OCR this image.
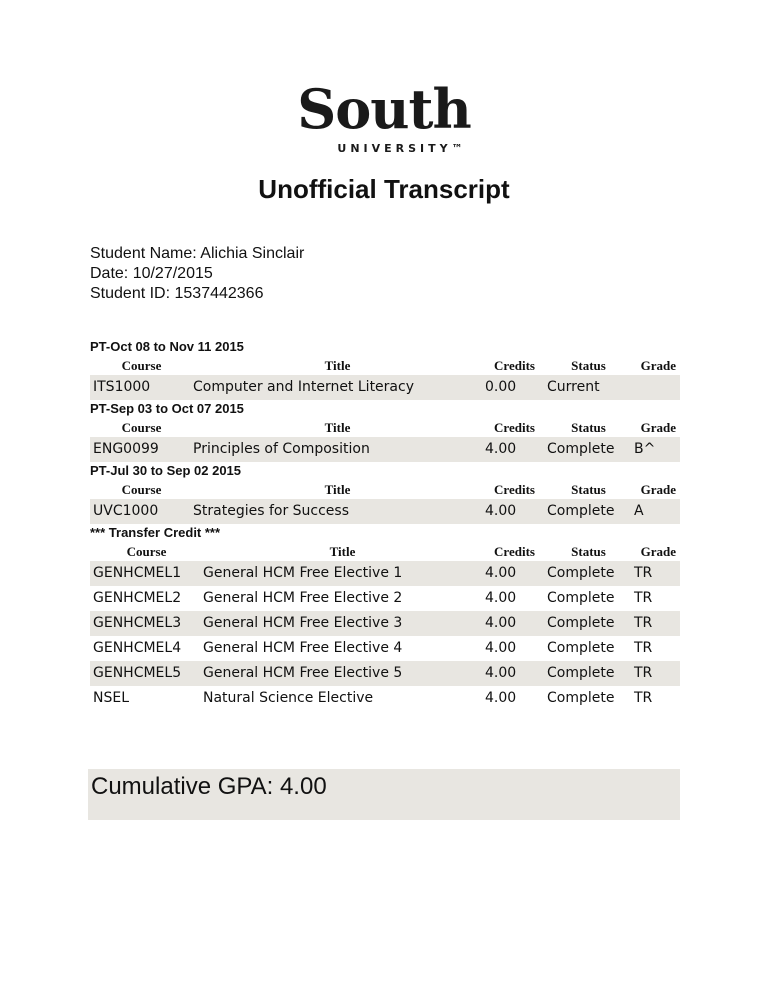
South
UNIVERSITY™
Unofficial Transcript
Student Name: Alichia Sinclair
Date: 10/27/2015
Student ID: 1537442366
PT-Oct 08 to Nov 11 2015
Course	Title	Credits	Status	Grade
ITS1000	Computer and Internet Literacy	0.00	Current
PT-Sep 03 to Oct 07 2015
Course	Title	Credits	Status	Grade
ENG0099	Principles of Composition	4.00	Complete	B^
PT-Jul 30 to Sep 02 2015
Course	Title	Credits	Status	Grade
UVC1000	Strategies for Success	4.00	Complete	A
*** Transfer Credit ***
Course	Title	Credits	Status	Grade
GENHCMEL1	General HCM Free Elective 1	4.00	Complete	TR
GENHCMEL2	General HCM Free Elective 2	4.00	Complete	TR
GENHCMEL3	General HCM Free Elective 3	4.00	Complete	TR
GENHCMEL4	General HCM Free Elective 4	4.00	Complete	TR
GENHCMEL5	General HCM Free Elective 5	4.00	Complete	TR
NSEL	Natural Science Elective	4.00	Complete	TR
Cumulative GPA: 4.00
